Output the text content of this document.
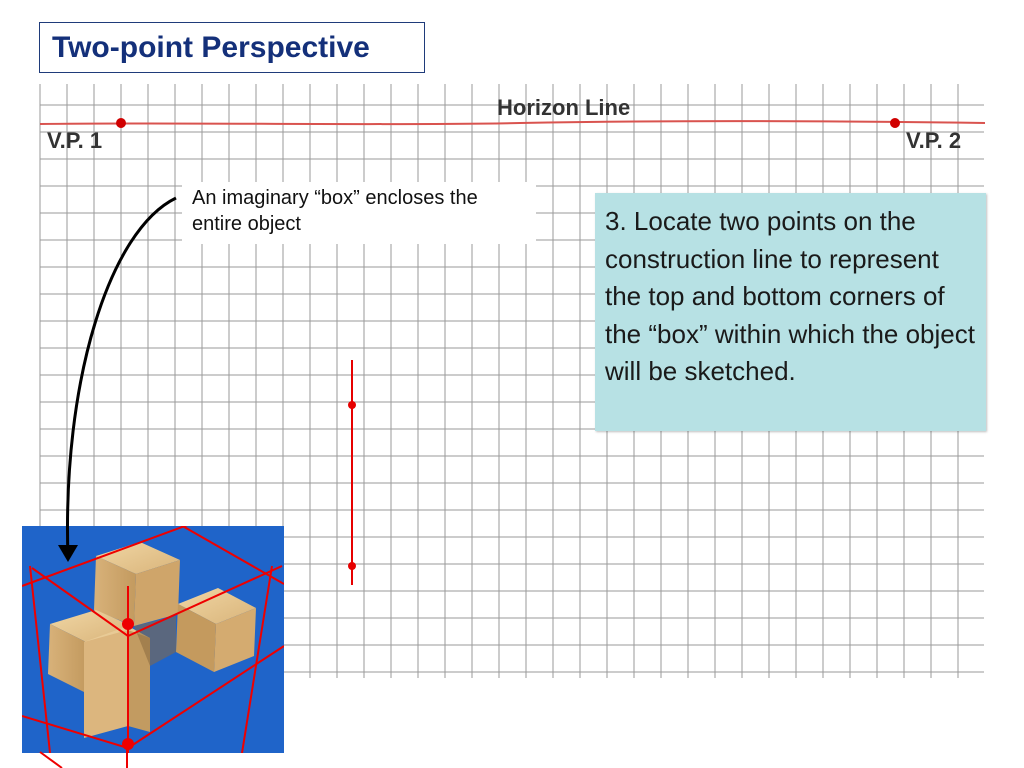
Two-point Perspective
Horizon Line
V.P. 1	V.P. 2
An imaginary “box” encloses the entire object	3. Locate two points on the construction line to represent the top and bottom corners of the “box” within which the object will be sketched.
